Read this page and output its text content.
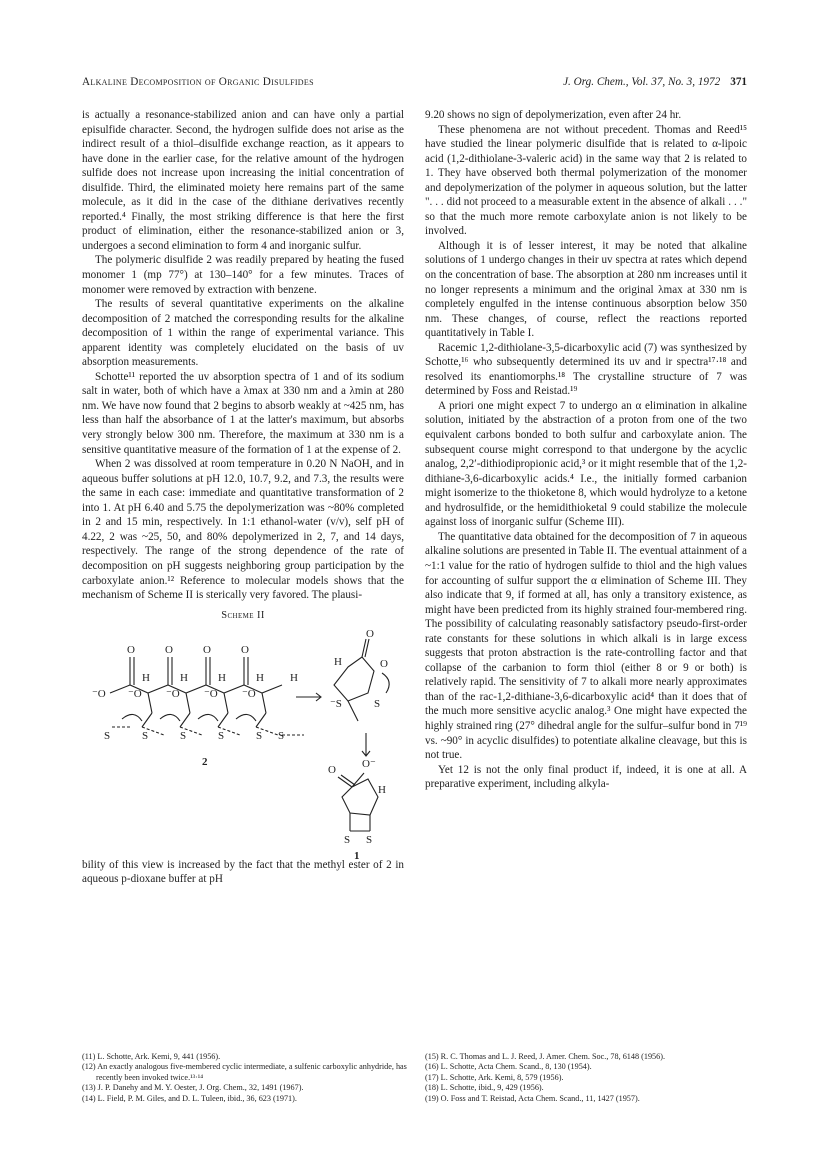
Alkaline Decomposition of Organic Disulfides	J. Org. Chem., Vol. 37, No. 3, 1972 371

is actually a resonance-stabilized anion and can have only a partial episulfide character. Second, the hydrogen sulfide does not arise as the indirect result of a thiol–disulfide exchange reaction, as it appears to have done in the earlier case, for the relative amount of the hydrogen sulfide does not increase upon increasing the initial concentration of disulfide. Third, the eliminated moiety here remains part of the same molecule, as it did in the case of the dithiane derivatives recently reported.⁴ Finally, the most striking difference is that here the first product of elimination, either the resonance-stabilized anion or 3, undergoes a second elimination to form 4 and inorganic sulfur.

The polymeric disulfide 2 was readily prepared by heating the fused monomer 1 (mp 77°) at 130–140° for a few minutes. Traces of monomer were removed by extraction with benzene.

The results of several quantitative experiments on the alkaline decomposition of 2 matched the corresponding results for the alkaline decomposition of 1 within the range of experimental variance. This apparent identity was completely elucidated on the basis of uv absorption measurements.

Schotte¹¹ reported the uv absorption spectra of 1 and of its sodium salt in water, both of which have a λmax at 330 nm and a λmin at 280 nm. We have now found that 2 begins to absorb weakly at ~425 nm, has less than half the absorbance of 1 at the latter's maximum, but absorbs very strongly below 300 nm. Therefore, the maximum at 330 nm is a sensitive quantitative measure of the formation of 1 at the expense of 2.

When 2 was dissolved at room temperature in 0.20 N NaOH, and in aqueous buffer solutions at pH 12.0, 10.7, 9.2, and 7.3, the results were the same in each case: immediate and quantitative transformation of 2 into 1. At pH 6.40 and 5.75 the depolymerization was ~80% completed in 2 and 15 min, respectively. In 1:1 ethanol-water (v/v), self pH of 4.22, 2 was ~25, 50, and 80% depolymerized in 2, 7, and 14 days, respectively. The range of the strong dependence of the rate of decomposition on pH suggests neighboring group participation by the carboxylate anion.¹² Reference to molecular models shows that the mechanism of Scheme II is sterically very favored. The plausi-

Scheme II
O	O	O	O
⁻O ⁻O ⁻O ⁻O ⁻O
H	H	H	H H
S	S	S	S	S S
H
O
O
⁻S	S
O O⁻
H
S S
2
1

bility of this view is increased by the fact that the methyl ester of 2 in aqueous p-dioxane buffer at pH

9.20 shows no sign of depolymerization, even after 24 hr.

These phenomena are not without precedent. Thomas and Reed¹⁵ have studied the linear polymeric disulfide that is related to α-lipoic acid (1,2-dithiolane-3-valeric acid) in the same way that 2 is related to 1. They have observed both thermal polymerization of the monomer and depolymerization of the polymer in aqueous solution, but the latter ". . . did not proceed to a measurable extent in the absence of alkali . . ." so that the much more remote carboxylate anion is not likely to be involved.

Although it is of lesser interest, it may be noted that alkaline solutions of 1 undergo changes in their uv spectra at rates which depend on the concentration of base. The absorption at 280 nm increases until it no longer represents a minimum and the original λmax at 330 nm is completely engulfed in the intense continuous absorption below 350 nm. These changes, of course, reflect the reactions reported quantitatively in Table I.

Racemic 1,2-dithiolane-3,5-dicarboxylic acid (7) was synthesized by Schotte,¹⁶ who subsequently determined its uv and ir spectra¹⁷·¹⁸ and resolved its enantiomorphs.¹⁸ The crystalline structure of 7 was determined by Foss and Reistad.¹⁹

A priori one might expect 7 to undergo an α elimination in alkaline solution, initiated by the abstraction of a proton from one of the two equivalent carbons bonded to both sulfur and carboxylate anion. The subsequent course might correspond to that undergone by the acyclic analog, 2,2′-dithiodipropionic acid,³ or it might resemble that of the 1,2-dithiane-3,6-dicarboxylic acids.⁴ I.e., the initially formed carbanion might isomerize to the thioketone 8, which would hydrolyze to a ketone and hydrosulfide, or the hemidithioketal 9 could stabilize the molecule against loss of inorganic sulfur (Scheme III).

The quantitative data obtained for the decomposition of 7 in aqueous alkaline solutions are presented in Table II. The eventual attainment of a ~1:1 value for the ratio of hydrogen sulfide to thiol and the high values for accounting of sulfur support the α elimination of Scheme III. They also indicate that 9, if formed at all, has only a transitory existence, as might have been predicted from its highly strained four-membered ring. The possibility of calculating reasonably satisfactory pseudo-first-order rate constants for these solutions in which alkali is in large excess suggests that proton abstraction is the rate-controlling factor and that collapse of the carbanion to form thiol (either 8 or 9 or both) is relatively rapid. The sensitivity of 7 to alkali more nearly approximates than of the rac-1,2-dithiane-3,6-dicarboxylic acid⁴ than it does that of the much more sensitive acyclic analog.³ One might have expected the highly strained ring (27° dihedral angle for the sulfur–sulfur bond in 7¹⁹ vs. ~90° in acyclic disulfides) to potentiate alkaline cleavage, but this is not true.

Yet 12 is not the only final product if, indeed, it is one at all. A preparative experiment, including alkyla-

(11) L. Schotte, Ark. Kemi, 9, 441 (1956).
(12) An exactly analogous five-membered cyclic intermediate, a sulfenic carboxylic anhydride, has recently been invoked twice.¹³·¹⁴
(13) J. P. Danehy and M. Y. Oester, J. Org. Chem., 32, 1491 (1967).
(14) L. Field, P. M. Giles, and D. L. Tuleen, ibid., 36, 623 (1971).
(15) R. C. Thomas and L. J. Reed, J. Amer. Chem. Soc., 78, 6148 (1956).
(16) L. Schotte, Acta Chem. Scand., 8, 130 (1954).
(17) L. Schotte, Ark. Kemi, 8, 579 (1956).
(18) L. Schotte, ibid., 9, 429 (1956).
(19) O. Foss and T. Reistad, Acta Chem. Scand., 11, 1427 (1957).
